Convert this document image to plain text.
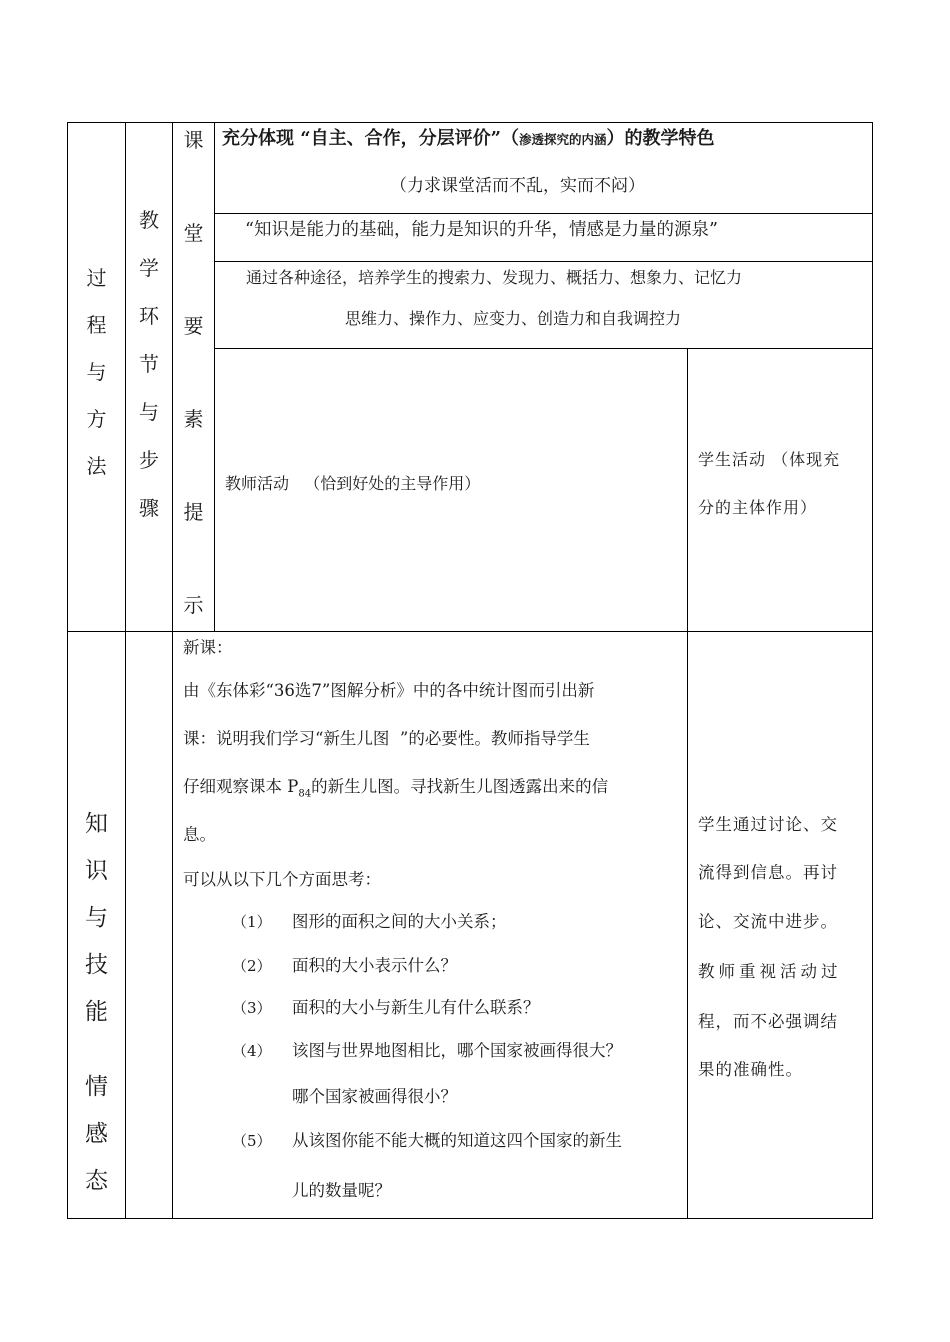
过
程
与
方
法
教
学
环
节
与
步
骤
课
堂
要
素
提
示
充分体现 “自主、合作，分层评价”（渗透探究的内涵）的教学特色
（力求课堂活而不乱，实而不闷）
“知识是能力的基础，能力是知识的升华，情感是力量的源泉”
通过各种途径，培养学生的搜索力、发现力、概括力、想象力、记忆力
思维力、操作力、应变力、创造力和自我调控力
教师活动   （恰到好处的主导作用）
学生活动 （体现充
分的主体作用）
知
识
与
技
能
情
感
态
新课：
由《东体彩“36选7”图解分析》中的各中统计图而引出新
课：说明我们学习“新生儿图  ”的必要性。教师指导学生
仔细观察课本 $P_{84}$的新生儿图。寻找新生儿图透露出来的信
息。
可以从以下几个方面思考：
（1） 图形的面积之间的大小关系；
（2） 面积的大小表示什么？
（3） 面积的大小与新生儿有什么联系？
（4） 该图与世界地图相比，哪个国家被画得很大？
哪个国家被画得很小？
（5） 从该图你能不能大概的知道这四个国家的新生
儿的数量呢？
学生通过讨论、交
流得到信息。再讨
论、交流中进步。
教师重视活动过
程，而不必强调结
果的准确性。
